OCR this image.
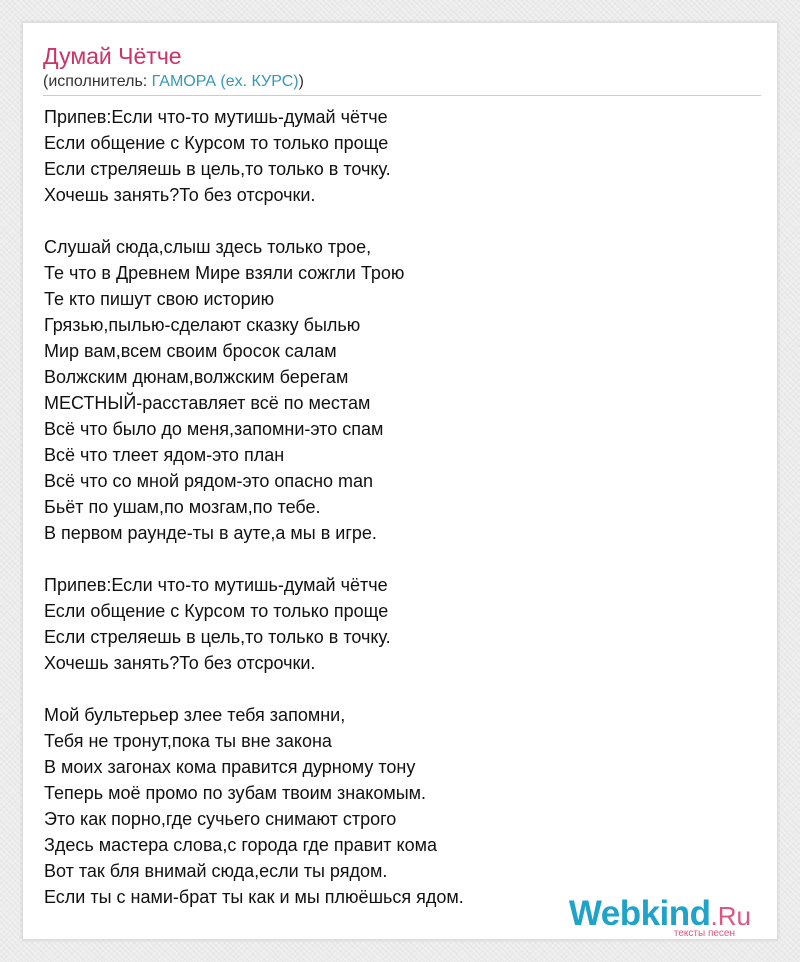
Думай Чётче
(исполнитель: ГАМОРА (ex. КУРС))
Припев:Если что-то мутишь-думай чётче
Если общение с Курсом то только проще
Если стреляешь в цель,то только в точку.
Хочешь занять?То без отсрочки.
Слушай сюда,слыш здесь только трое,
Те что в Древнем Мире взяли сожгли Трою
Те кто пишут свою историю
Грязью,пылью-сделают сказку былью
Мир вам,всем своим бросок салам
Волжским дюнам,волжским берегам
МЕСТНЫЙ-расставляет всё по местам
Всё что было до меня,запомни-это спам
Всё что тлеет ядом-это план
Всё что со мной рядом-это опасно man
Бьёт по ушам,по мозгам,по тебе.
В первом раунде-ты в ауте,а мы в игре.
Припев:Если что-то мутишь-думай чётче
Если общение с Курсом то только проще
Если стреляешь в цель,то только в точку.
Хочешь занять?То без отсрочки.
Мой бультерьер злее тебя запомни,
Тебя не тронут,пока ты вне закона
В моих загонах кома правится дурному тону
Теперь моё промо по зубам твоим знакомым.
Это как порно,где сучьего снимают строго
Здесь мастера слова,с города где правит кома
Вот так бля внимай сюда,если ты рядом.
Если ты с нами-брат ты как и мы плюёшься ядом.	Webkind.Ru
тексты песен
